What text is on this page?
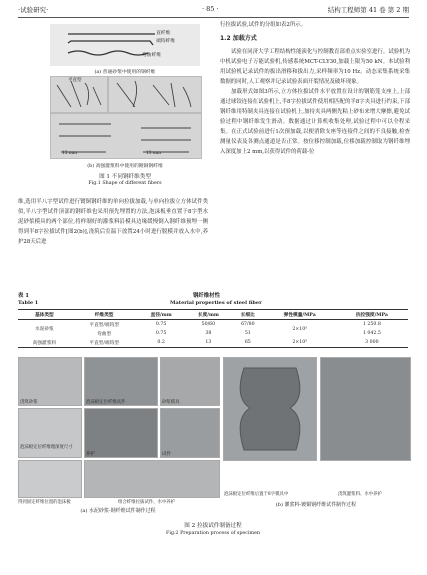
·试验研究·	· 85 ·	结构工程师第 41 卷 第 2 期
直纤维
端钩纤维
弯曲纤维
(a) 普通砂浆中使用的钢纤维
平直型
13 mm	13 mm
(b) 高强灌浆料中使用的镀铜钢纤维
图 1 不同钢纤维类型
Fig.1 Shape of different fibers

维,选用半八字型试件进行镀铜钢纤维的单向拉拔加载,与单向拉拔立方体试件类似,半八字型试件顶部的钢纤维也采用预先埋置的方法,泡沫板垂直置于8字型水泥砂浆模具的两个部位,将样制好的灌浆料沿模具边缘缓慢倒入钢纤维预埋一侧得到半8字拉拔试件[图2(b)],浇筑后室温下放置24小时进行脱模并放入水中,养护28天后进

行拉拔试验,试件的分组如表2所示。

1.2 加载方式

试验在同济大学工程结构性能演化与控制教育部重点实验室进行。试验机为中机试验电子万能试验机,传感系统MCT-CLY30,加载上限为50 kN。本试验利用试验机记录试件的拔出滑移和拔出力,采样频率为10 Hz。动态采集系统采集数据的同时,人工观察并记录试验表面开裂情况及破坏现象。

加载形式如图3所示,立方体拉拔试件水平放置在设计的钢筋笼支座上,上部通过球铰连接在试验机上,半8字拉拔试件使用相匹配的半8字夹具进行约束,下部钢纤维用特制夹具连接在试验机上,加持夹具两侧先粘上砂布来增大摩擦,避免试验过程中钢纤维发生滑动。数据通过计算机收集处理,试验过程中可以全程采集。在正式试验前进行1次预加载,以便消除支座等连接件之间的不良接触,检查测量仪表及各测点通道是否正常。按位移控制加载,位移加载控制取为钢纤维埋入深度加上2 mm,以获得试件的荷载-位

表 1	钢纤维材性
Table 1	Material properties of steel fiber
基体类型	纤维类型	直径/mm	长度/mm	长细比	弹性模量/MPa	抗拉强度/MPa
水泥砂浆	平直型/端钩型	0.75	50/60	67/80	2×10⁵	1 250.8
	弯曲型	0.75	38	51		1 042.5
高强灌浆料	平直型/端钩型	0.2	13	65	2×10⁵	3 000
浇筑砂浆	泡沫板定位纤维试件	砂浆模具
泡沫板定位纤维埋深度尺寸
养护	试件
得到固定纤维位置的泡沫板	组合纤维拉拔试件、水中养护
(a) 水泥砂浆-钢纤维试件制作过程
泡沫板定位纤维后置于8字模具中	浇筑灌浆料、水中养护
(b) 灌浆料-镀铜钢纤维试件制作过程
图 2 拉拔试件制备过程
Fig.2 Preparation process of specimen
